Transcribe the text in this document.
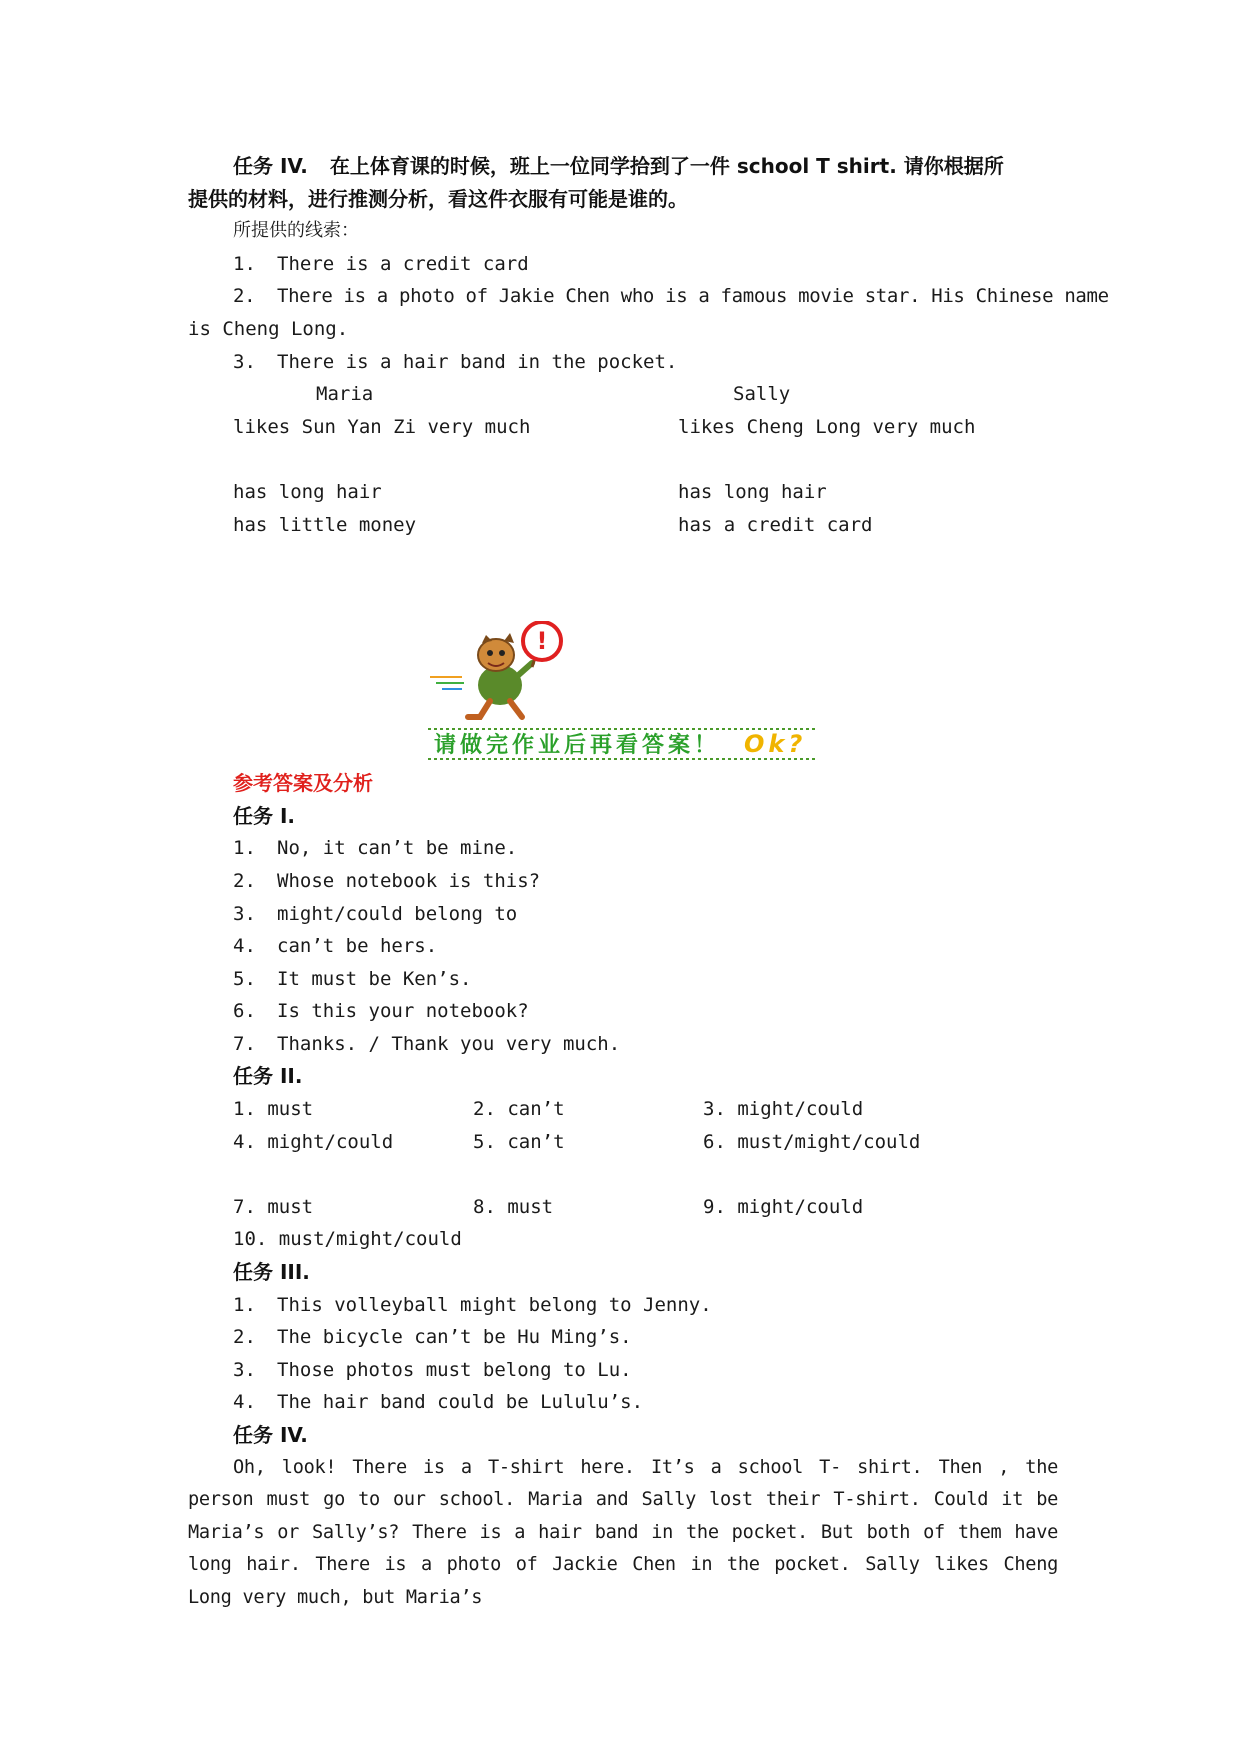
任务 IV. 在上体育课的时候，班上一位同学拾到了一件 school T shirt. 请你根据所
提供的材料，进行推测分析，看这件衣服有可能是谁的。
所提供的线索：
1. There is a credit card
2. There is a photo of Jakie Chen who is a famous movie star. His Chinese name
is Cheng Long.
3. There is a hair band in the pocket.
Maria	Sally
likes Sun Yan Zi very much	likes Cheng Long very much
has long hair	has long hair
has little money	has a credit card
!
请做完作业后再看答案！ Ok?
参考答案及分析
任务 I.
1. No, it can’t be mine.
2. Whose notebook is this?
3. might/could belong to
4. can’t be hers.
5. It must be Ken’s.
6. Is this your notebook?
7. Thanks. / Thank you very much.
任务 II.
1. must	2. can’t	3. might/could
4. might/could	5. can’t	6. must/might/could
7. must	8. must	9. might/could
10. must/might/could
任务 III.
1. This volleyball might belong to Jenny.
2. The bicycle can’t be Hu Ming’s.
3. Those photos must belong to Lu.
4. The hair band could be Lululu’s.
任务 IV.
Oh, look! There is a T-shirt here. It’s a school T- shirt. Then , the person must go to our school. Maria and Sally lost their T-shirt. Could it be Maria’s or Sally’s? There is a hair band in the pocket. But both of them have long hair. There is a photo of Jackie Chen in the pocket. Sally likes Cheng Long very much, but Maria’s
